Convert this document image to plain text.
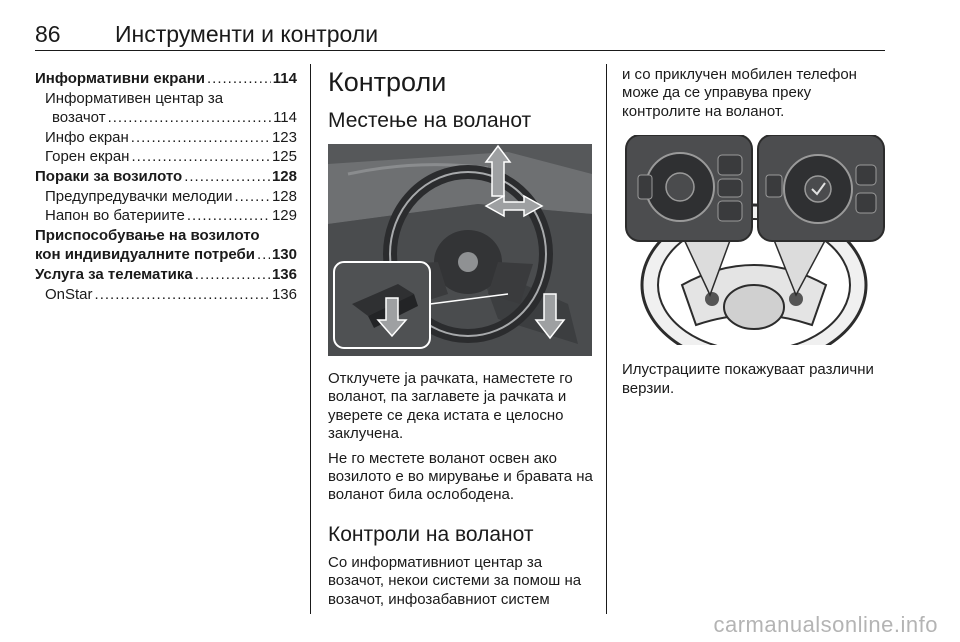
86 Инструменти и контроли
Информативни екрани .....	114
Информативен центар за
возачот .....	114
Инфо екран .....	123
Горен екран .....	125
Пораки за возилото .....	128
Предупредувачки мелодии .....	128
Напон во батериите .....	129
Приспособување на возилото
кон индивидуалните потреби ..... 130
Услуга за телематика .....	136
OnStar .....	136
Контроли
Местење на воланот

Отклучете ја рачката, наместете го воланот, па заглавете ја рачката и уверете се дека истата е целосно заклучена.

Не го местете воланот освен ако возилото е во мирување и бравата на воланот била ослободена.

Контроли на воланот

Со информативниот центар за возачот, некои системи за помош на возачот, инфозабавниот систем

и со приклучен мобилен телефон може да се управува преку контролите на воланот.

Илустрациите покажуваат различни верзии.

carmanualsonline.info
